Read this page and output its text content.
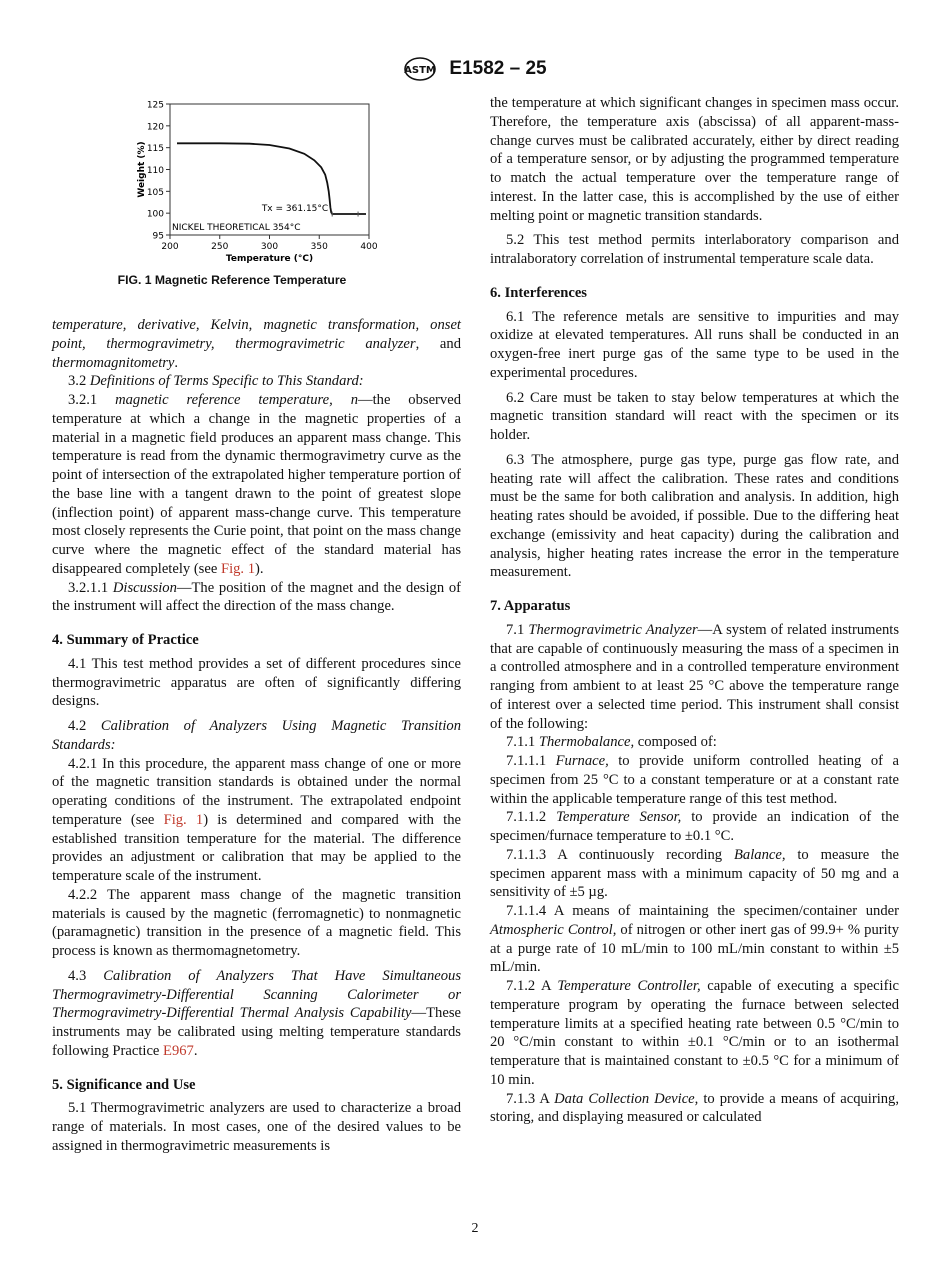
ASTM E1582 – 25
95
100
105
110
115
120
125
200	250	300	350	400
Temperature (°C)
Weight (%)
Tx = 361.15°C
NICKEL THEORETICAL 354°C
FIG. 1 Magnetic Reference Temperature
temperature, derivative, Kelvin, magnetic transformation, onset point, thermogravimetry, thermogravimetric analyzer, and thermomagnitometry.
3.2 Definitions of Terms Specific to This Standard:
3.2.1 magnetic reference temperature, n—the observed temperature at which a change in the magnetic properties of a material in a magnetic field produces an apparent mass change. This temperature is read from the dynamic thermogravimetry curve as the point of intersection of the extrapolated higher temperature portion of the base line with a tangent drawn to the point of greatest slope (inflection point) of apparent mass-change curve. This temperature most closely represents the Curie point, that point on the mass change curve where the magnetic effect of the standard material has disappeared completely (see Fig. 1).
3.2.1.1 Discussion—The position of the magnet and the design of the instrument will affect the direction of the mass change.
4. Summary of Practice
4.1 This test method provides a set of different procedures since thermogravimetric apparatus are often of significantly differing designs.
4.2 Calibration of Analyzers Using Magnetic Transition Standards:
4.2.1 In this procedure, the apparent mass change of one or more of the magnetic transition standards is obtained under the normal operating conditions of the instrument. The extrapolated endpoint temperature (see Fig. 1) is determined and compared with the established transition temperature for the material. The difference provides an adjustment or calibration that may be applied to the temperature scale of the instrument.
4.2.2 The apparent mass change of the magnetic transition materials is caused by the magnetic (ferromagnetic) to nonmagnetic (paramagnetic) transition in the presence of a magnetic field. This process is known as thermomagnetometry.
4.3 Calibration of Analyzers That Have Simultaneous Thermogravimetry-Differential Scanning Calorimeter or Thermogravimetry-Differential Thermal Analysis Capability—These instruments may be calibrated using melting temperature standards following Practice E967.
5. Significance and Use
5.1 Thermogravimetric analyzers are used to characterize a broad range of materials. In most cases, one of the desired values to be assigned in thermogravimetric measurements is
the temperature at which significant changes in specimen mass occur. Therefore, the temperature axis (abscissa) of all apparent-mass-change curves must be calibrated accurately, either by direct reading of a temperature sensor, or by adjusting the programmed temperature to match the actual temperature over the temperature range of interest. In the latter case, this is accomplished by the use of either melting point or magnetic transition standards.
5.2 This test method permits interlaboratory comparison and intralaboratory correlation of instrumental temperature scale data.
6. Interferences
6.1 The reference metals are sensitive to impurities and may oxidize at elevated temperatures. All runs shall be conducted in an oxygen-free inert purge gas of the same type to be used in the experimental procedures.
6.2 Care must be taken to stay below temperatures at which the magnetic transition standard will react with the specimen or its holder.
6.3 The atmosphere, purge gas type, purge gas flow rate, and heating rate will affect the calibration. These rates and conditions must be the same for both calibration and analysis. In addition, high heating rates should be avoided, if possible. Due to the differing heat exchange (emissivity and heat capacity) during the calibration and analysis, higher heating rates increase the error in the temperature measurement.
7. Apparatus
7.1 Thermogravimetric Analyzer—A system of related instruments that are capable of continuously measuring the mass of a specimen in a controlled atmosphere and in a controlled temperature environment ranging from ambient to at least 25 °C above the temperature range of interest over a selected time period. This instrument shall consist of the following:
7.1.1 Thermobalance, composed of:
7.1.1.1 Furnace, to provide uniform controlled heating of a specimen from 25 °C to a constant temperature or at a constant rate within the applicable temperature range of this test method.
7.1.1.2 Temperature Sensor, to provide an indication of the specimen/furnace temperature to ±0.1 °C.
7.1.1.3 A continuously recording Balance, to measure the specimen apparent mass with a minimum capacity of 50 mg and a sensitivity of ±5 µg.
7.1.1.4 A means of maintaining the specimen/container under Atmospheric Control, of nitrogen or other inert gas of 99.9+ % purity at a purge rate of 10 mL/min to 100 mL/min constant to within ±5 mL/min.
7.1.2 A Temperature Controller, capable of executing a specific temperature program by operating the furnace between selected temperature limits at a specified heating rate between 0.5 °C/min to 20 °C/min constant to within ±0.1 °C/min or to an isothermal temperature that is maintained constant to ±0.5 °C for a minimum of 10 min.
7.1.3 A Data Collection Device, to provide a means of acquiring, storing, and displaying measured or calculated
2
